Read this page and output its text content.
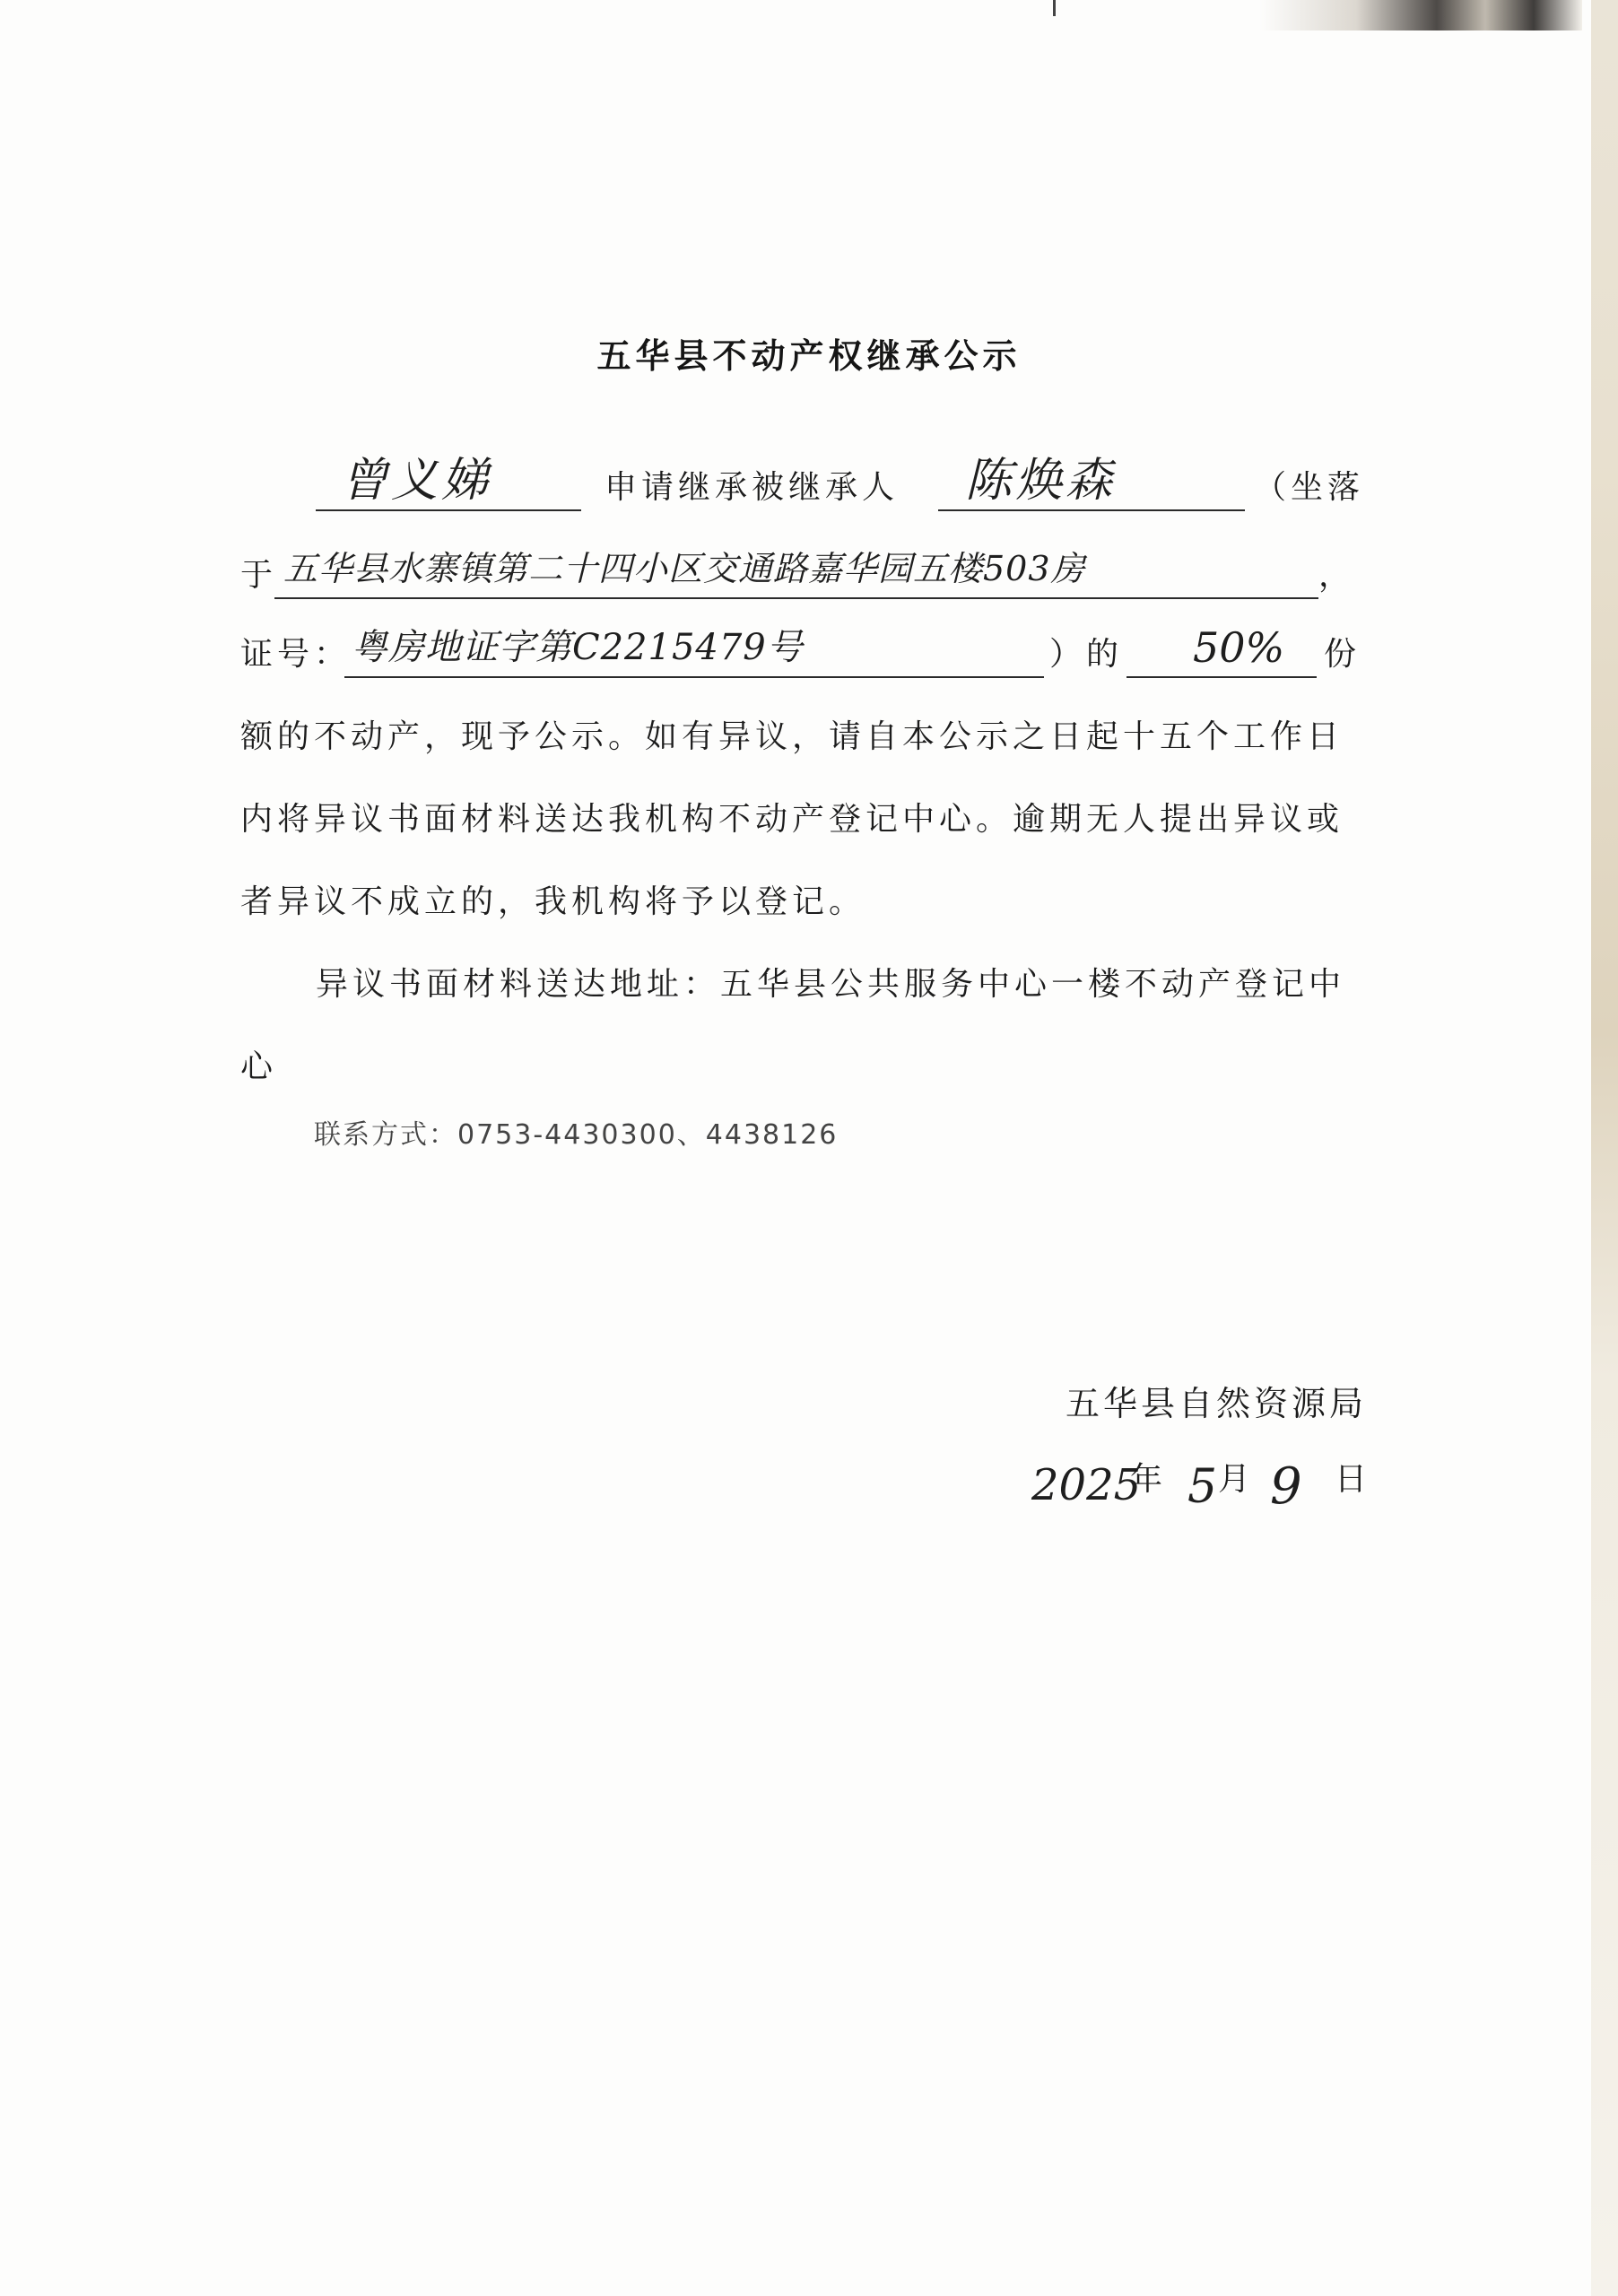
五华县不动产权继承公示
曾义娣	申请继承被继承人 陈焕森	（坐落
于 五华县水寨镇第二十四小区交通路嘉华园五楼503房	，
证号： 粤房地证字第C2215479号	）的 50% 份
额的不动产，现予公示。如有异议，请自本公示之日起十五个工作日
内将异议书面材料送达我机构不动产登记中心。逾期无人提出异议或
者异议不成立的，我机构将予以登记。
异议书面材料送达地址：五华县公共服务中心一楼不动产登记中
心
联系方式：0753-4430300、4438126
五华县自然资源局
2025
年 5 月 9 日
